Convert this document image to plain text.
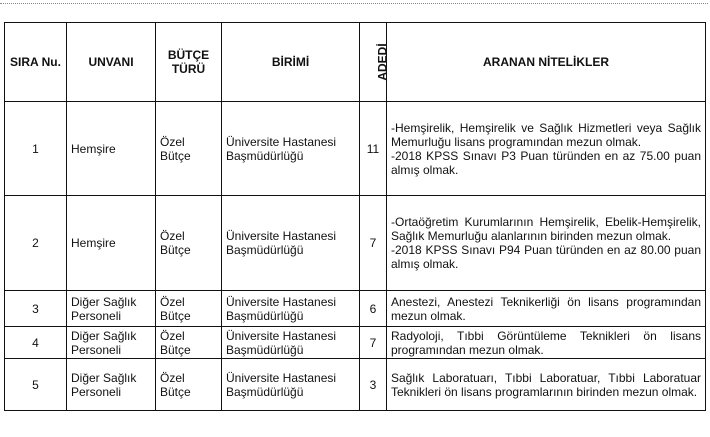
SIRA Nu.	UNVANI	BÜTÇE TÜRÜ	BİRİMİ	ADEDİ	ARANAN NİTELİKLER
1	Hemşire	Özel Bütçe	Üniversite Hastanesi Başmüdürlüğü	11	-Hemşirelik, Hemşirelik ve Sağlık Hizmetleri veya Sağlık Memurluğu lisans programından mezun olmak.

-2018 KPSS Sınavı P3 Puan türünden en az 75.00 puan almış olmak.

2	Hemşire	Özel Bütçe	Üniversite Hastanesi Başmüdürlüğü	7	-Ortaöğretim Kurumlarının Hemşirelik, Ebelik-Hemşirelik, Sağlık Memurluğu alanlarının birinden mezun olmak.

-2018 KPSS Sınavı P94 Puan türünden en az 80.00 puan almış olmak.

3	Diğer Sağlık Personeli	Özel Bütçe	Üniversite Hastanesi Başmüdürlüğü	6	Anestezi, Anestezi Teknikerliği ön lisans programından mezun olmak.

4	Diğer Sağlık Personeli	Özel Bütçe	Üniversite Hastanesi Başmüdürlüğü	7	Radyoloji, Tıbbi Görüntüleme Teknikleri ön lisans programından mezun olmak.

5	Diğer Sağlık Personeli	Özel Bütçe	Üniversite Hastanesi Başmüdürlüğü	3	Sağlık Laboratuarı, Tıbbi Laboratuar, Tıbbi Laboratuar Teknikleri ön lisans programlarının birinden mezun olmak.
